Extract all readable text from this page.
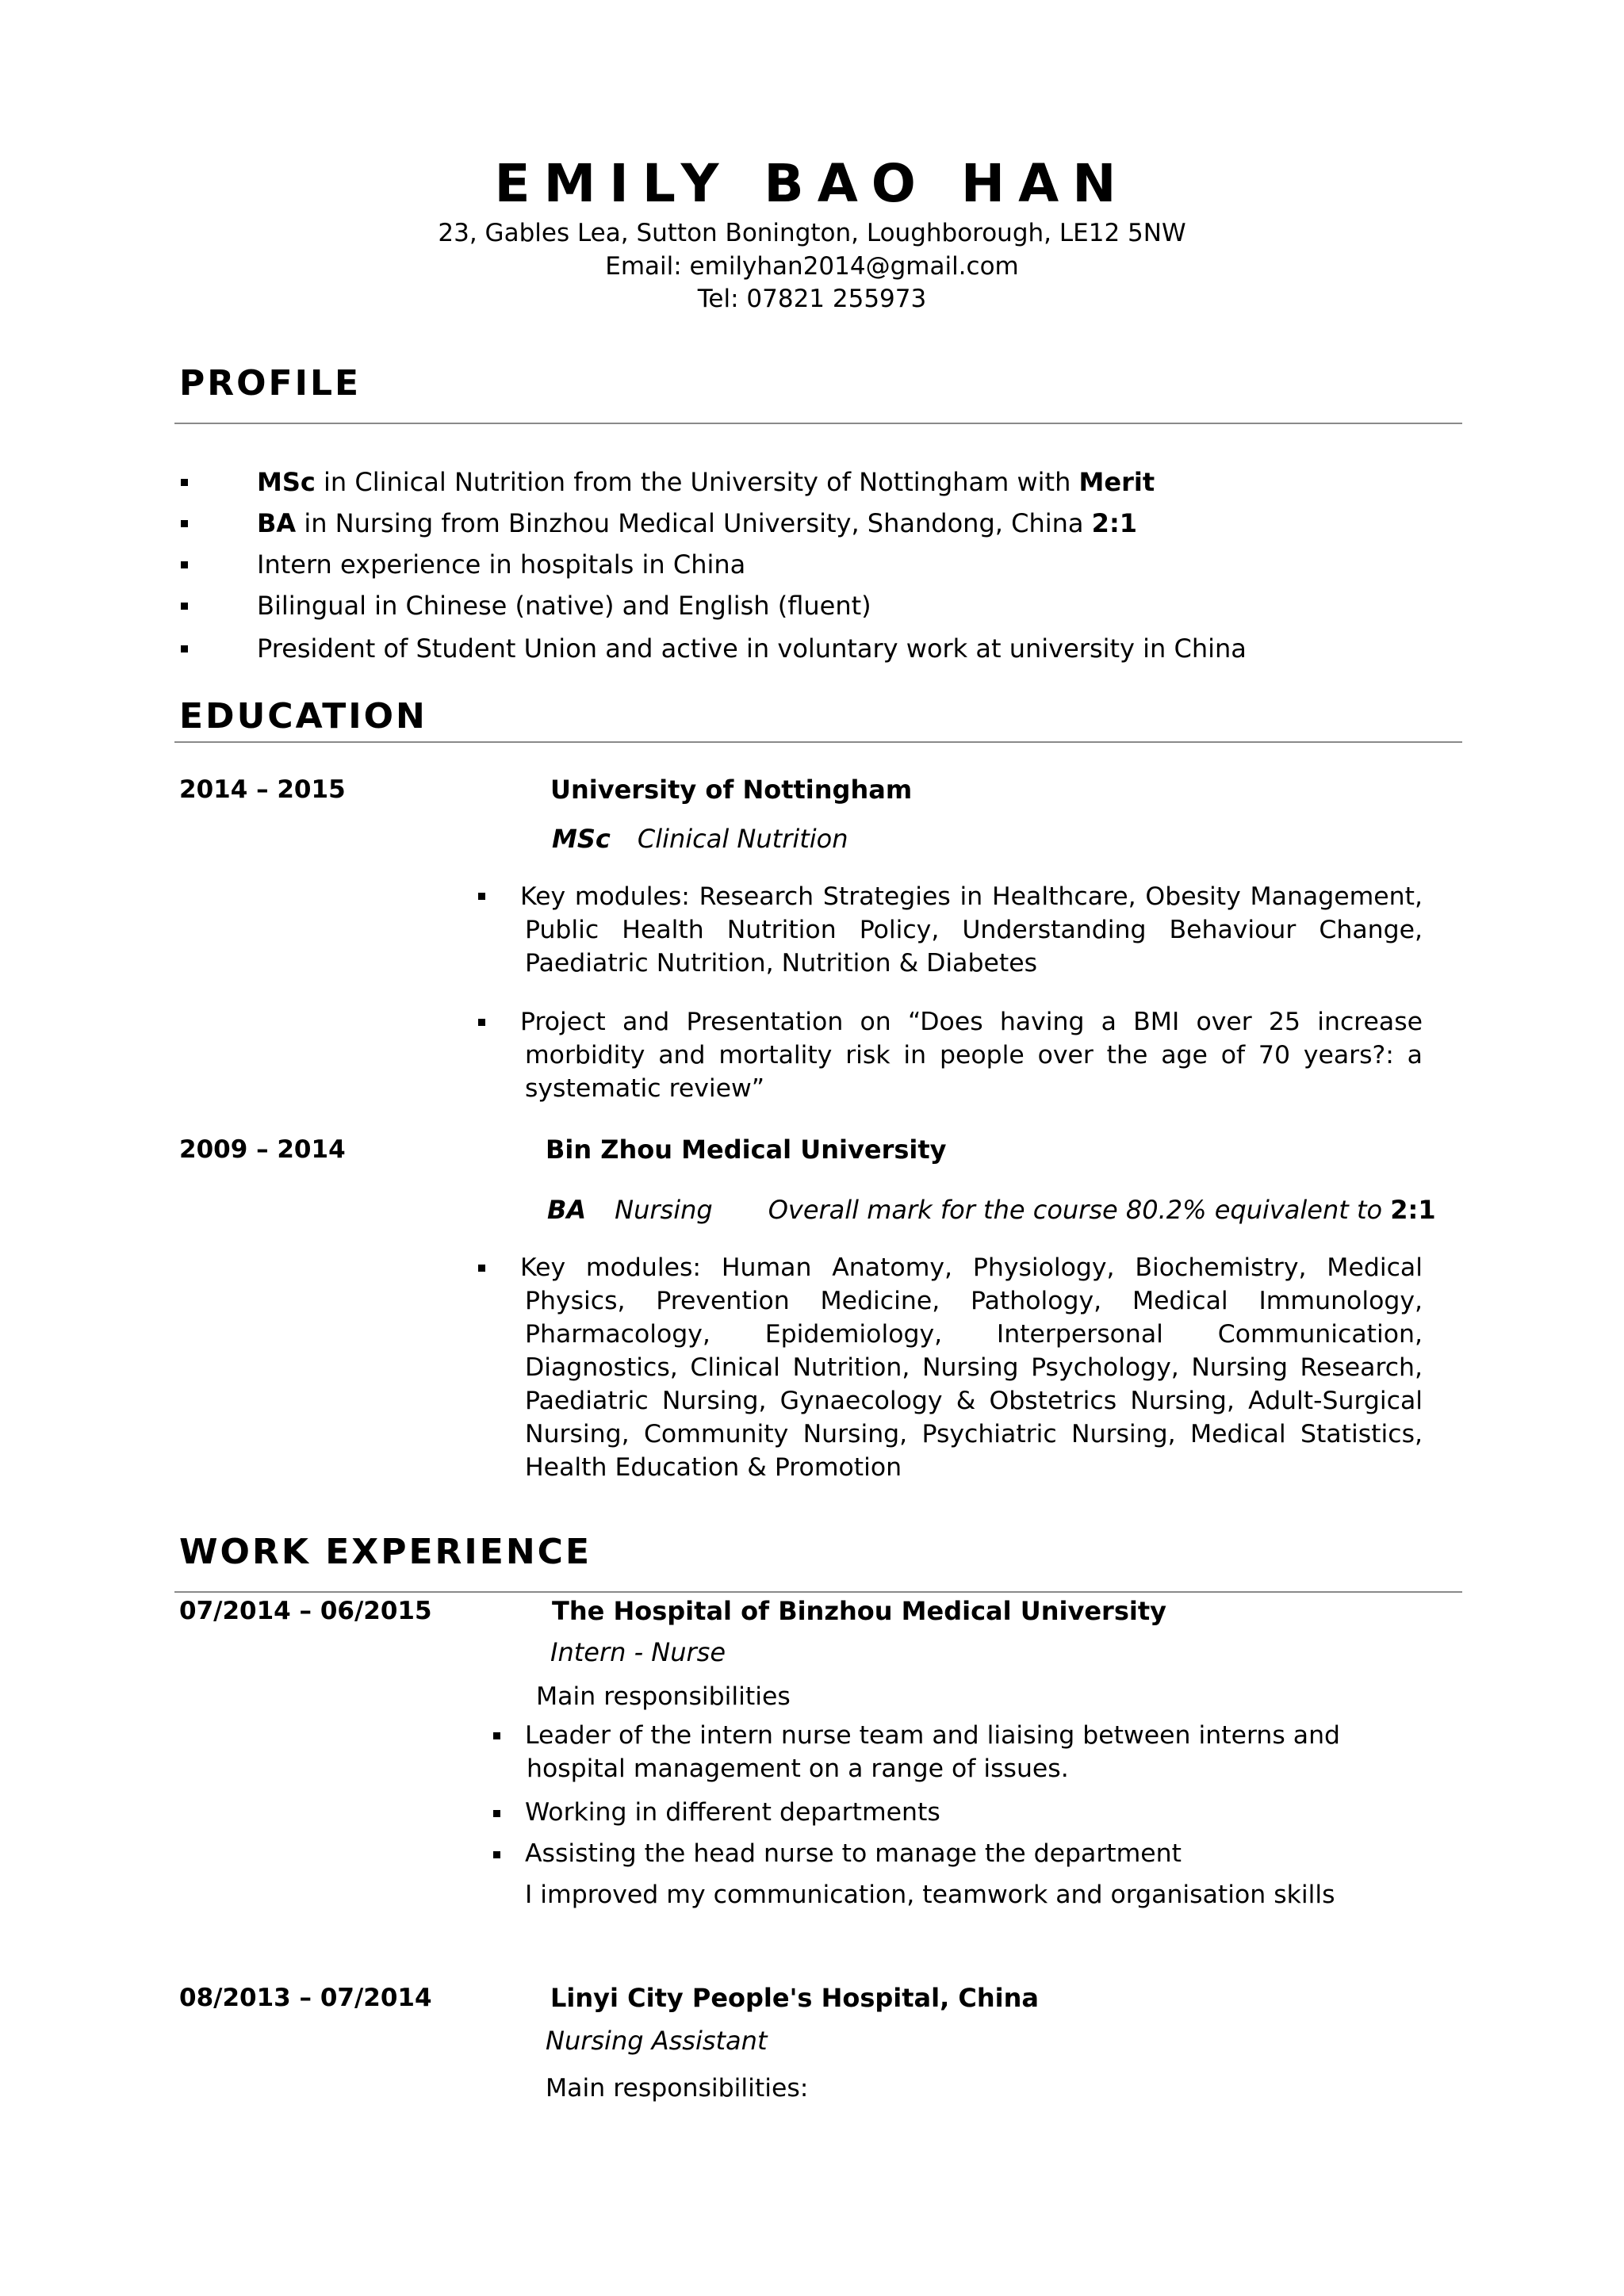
EMILY BAO HAN
23, Gables Lea, Sutton Bonington, Loughborough, LE12 5NW
Email: emilyhan2014@gmail.com
Tel: 07821 255973
PROFILE
MSc in Clinical Nutrition from the University of Nottingham with Merit
BA in Nursing from Binzhou Medical University, Shandong, China 2:1
Intern experience in hospitals in China
Bilingual in Chinese (native) and English (fluent)
President of Student Union and active in voluntary work at university in China
EDUCATION
2014 – 2015	University of Nottingham
MSc Clinical Nutrition
Key modules: Research Strategies in Healthcare, Obesity Management, Public Health Nutrition Policy, Understanding Behaviour Change, Paediatric Nutrition, Nutrition & Diabetes
Project and Presentation on “Does having a BMI over 25 increase morbidity and mortality risk in people over the age of 70 years?: a systematic review”
2009 – 2014	Bin Zhou Medical University
BA Nursing Overall mark for the course 80.2% equivalent to 2:1
Key modules: Human Anatomy, Physiology, Biochemistry, Medical Physics, Prevention Medicine, Pathology, Medical Immunology, Pharmacology, Epidemiology, Interpersonal Communication, Diagnostics, Clinical Nutrition, Nursing Psychology, Nursing Research, Paediatric Nursing, Gynaecology & Obstetrics Nursing, Adult-Surgical Nursing, Community Nursing, Psychiatric Nursing, Medical Statistics, Health Education & Promotion
WORK EXPERIENCE
07/2014 – 06/2015	The Hospital of Binzhou Medical University
Intern - Nurse
Main responsibilities
Leader of the intern nurse team and liaising between interns and hospital management on a range of issues.
Working in different departments
Assisting the head nurse to manage the department
I improved my communication, teamwork and organisation skills
08/2013 – 07/2014	Linyi City People's Hospital, China
Nursing Assistant
Main responsibilities:
